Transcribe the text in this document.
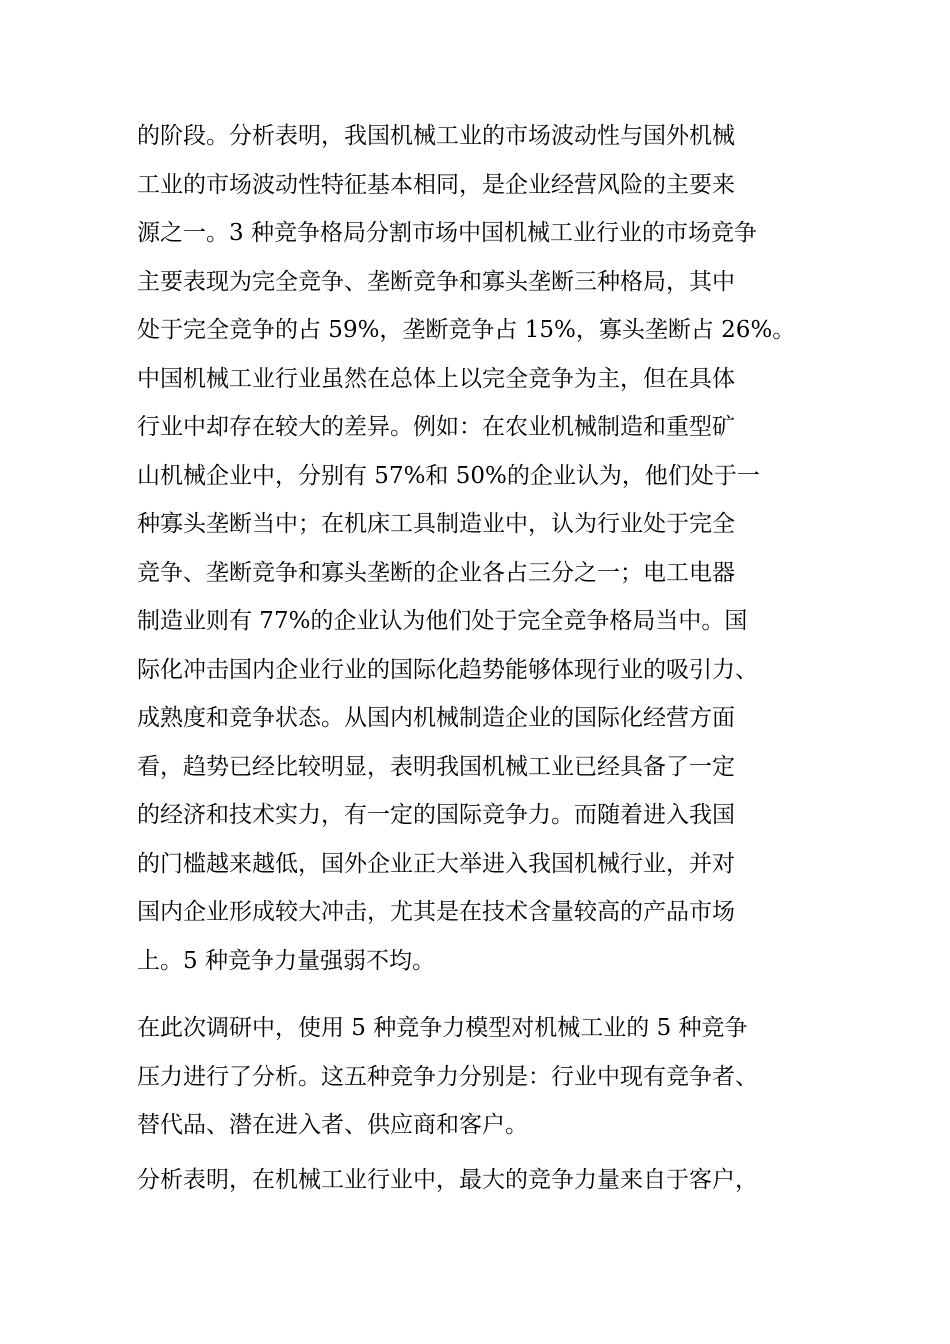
的阶段。分析表明，我国机械工业的市场波动性与国外机械
工业的市场波动性特征基本相同，是企业经营风险的主要来
源之一。3 种竞争格局分割市场中国机械工业行业的市场竞争
主要表现为完全竞争、垄断竞争和寡头垄断三种格局，其中
处于完全竞争的占 59%，垄断竞争占 15%，寡头垄断占 26%。
中国机械工业行业虽然在总体上以完全竞争为主，但在具体
行业中却存在较大的差异。例如：在农业机械制造和重型矿
山机械企业中，分别有 57%和 50%的企业认为，他们处于一
种寡头垄断当中；在机床工具制造业中，认为行业处于完全
竞争、垄断竞争和寡头垄断的企业各占三分之一；电工电器
制造业则有 77%的企业认为他们处于完全竞争格局当中。国
际化冲击国内企业行业的国际化趋势能够体现行业的吸引力、
成熟度和竞争状态。从国内机械制造企业的国际化经营方面
看，趋势已经比较明显，表明我国机械工业已经具备了一定
的经济和技术实力，有一定的国际竞争力。而随着进入我国
的门槛越来越低，国外企业正大举进入我国机械行业，并对
国内企业形成较大冲击，尤其是在技术含量较高的产品市场
上。5 种竞争力量强弱不均。
在此次调研中，使用 5 种竞争力模型对机械工业的 5 种竞争
压力进行了分析。这五种竞争力分别是：行业中现有竞争者、
替代品、潜在进入者、供应商和客户。
分析表明，在机械工业行业中，最大的竞争力量来自于客户，
